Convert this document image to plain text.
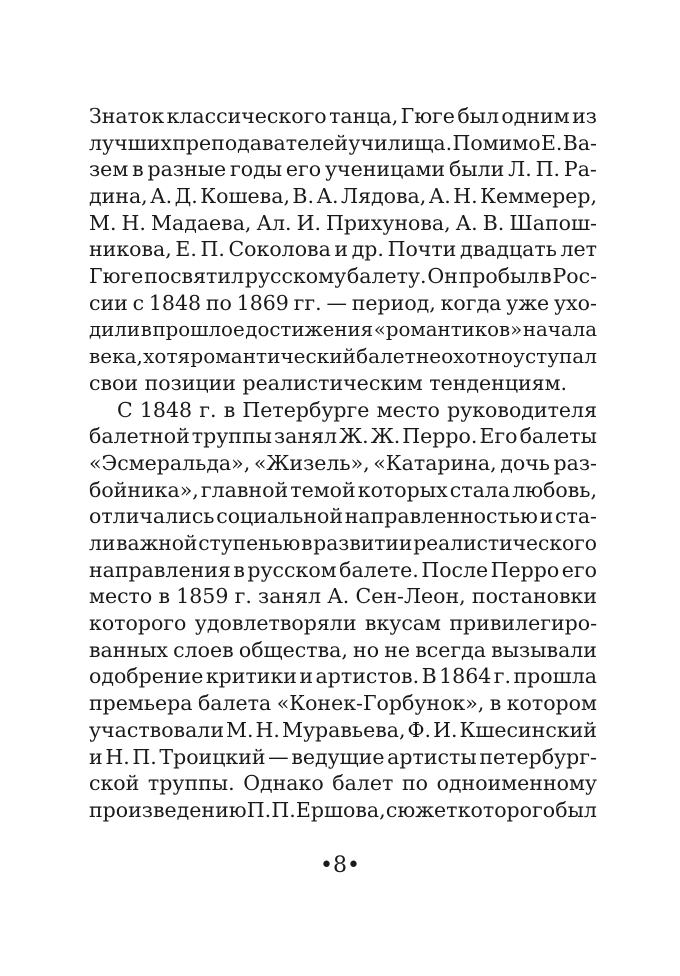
Знаток классического танца, Гюге был одним из
лучших преподавателей училища. Помимо Е. Ва-
зем в разные годы его ученицами были Л. П. Ра-
дина, А. Д. Кошева, В. А. Лядова, А. Н. Кеммерер,
М. Н. Мадаева, Ал. И. Прихунова, А. В. Шапош-
никова, Е. П. Соколова и др. Почти двадцать лет
Гюге посвятил русскому балету. Он пробыл в Рос-
сии с 1848 по 1869 гг. — период, когда уже ухо-
дили в прошлое достижения «романтиков» начала
века, хотя романтический балет неохотно уступал
свои позиции реалистическим тенденциям.
С 1848 г. в Петербурге место руководителя
балетной труппы занял Ж. Ж. Перро. Его балеты
«Эсмеральда», «Жизель», «Катарина, дочь раз-
бойника», главной темой которых стала любовь,
отличались социальной направленностью и ста-
ли важной ступенью в развитии реалистического
направления в русском балете. После Перро его
место в 1859 г. занял А. Сен-Леон, постановки
которого удовлетворяли вкусам привилегиро-
ванных слоев общества, но не всегда вызывали
одобрение критики и артистов. В 1864 г. прошла
премьера балета «Конек-Горбунок», в котором
участвовали М. Н. Муравьева, Ф. И. Кшесинский
и Н. П. Троицкий — ведущие артисты петербург-
ской труппы. Однако балет по одноименному
произведению П. П. Ершова, сюжет которого был
•8•
